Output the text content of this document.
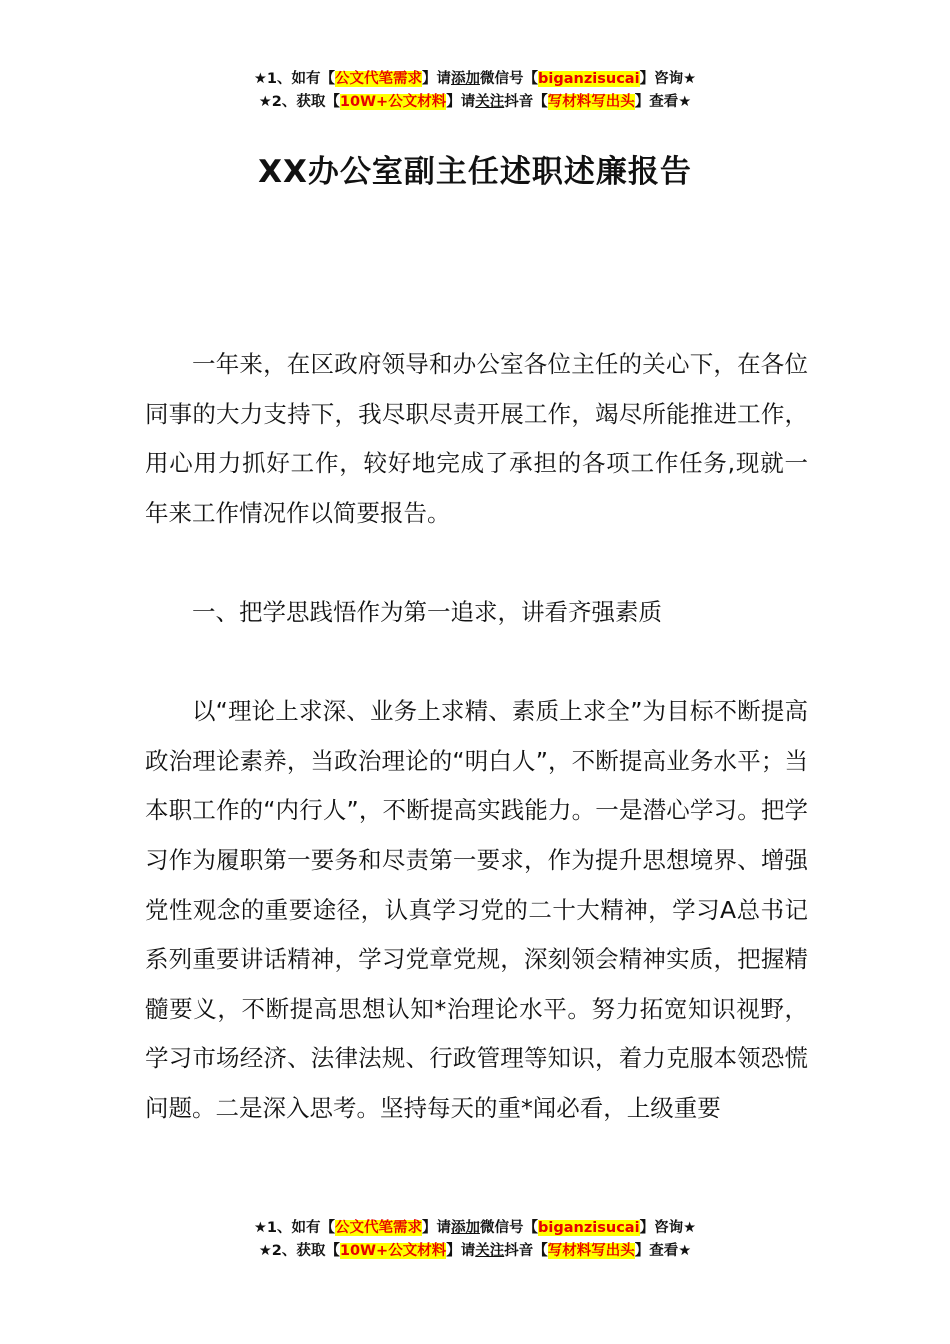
★1、如有【公文代笔需求】请添加微信号【biganzisucai】咨询★
★2、获取【10W+公文材料】请关注抖音【写材料写出头】查看★
XX办公室副主任述职述廉报告

一年来，在区政府领导和办公室各位主任的关心下，在各位同事的大力支持下，我尽职尽责开展工作，竭尽所能推进工作，用心用力抓好工作，较好地完成了承担的各项工作任务,现就一年来工作情况作以简要报告。

一、把学思践悟作为第一追求，讲看齐强素质

以“理论上求深、业务上求精、素质上求全”为目标不断提高政治理论素养，当政治理论的“明白人”，不断提高业务水平；当本职工作的“内行人”，不断提高实践能力。一是潜心学习。把学习作为履职第一要务和尽责第一要求，作为提升思想境界、增强党性观念的重要途径，认真学习党的二十大精神，学习A总书记系列重要讲话精神，学习党章党规，深刻领会精神实质，把握精髓要义，不断提高思想认知*治理论水平。努力拓宽知识视野，学习市场经济、法律法规、行政管理等知识，着力克服本领恐慌问题。二是深入思考。坚持每天的重*闻必看，上级重要

★1、如有【公文代笔需求】请添加微信号【biganzisucai】咨询★
★2、获取【10W+公文材料】请关注抖音【写材料写出头】查看★
